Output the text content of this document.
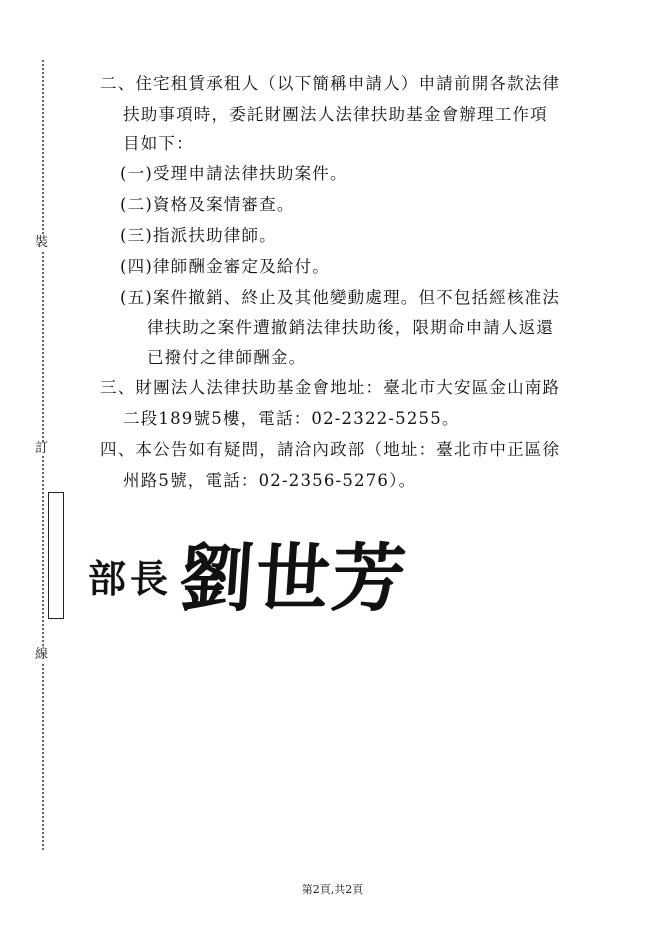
裝
訂
線
二、住宅租賃承租人（以下簡稱申請人）申請前開各款法律
扶助事項時，委託財團法人法律扶助基金會辦理工作項
目如下：
(一)受理申請法律扶助案件。
(二)資格及案情審查。
(三)指派扶助律師。
(四)律師酬金審定及給付。
(五)案件撤銷、終止及其他變動處理。但不包括經核准法
律扶助之案件遭撤銷法律扶助後，限期命申請人返還
已撥付之律師酬金。
三、財團法人法律扶助基金會地址：臺北市大安區金山南路
二段189號5樓，電話：02-2322-5255。
四、本公告如有疑問，請洽內政部（地址：臺北市中正區徐
州路5號，電話：02-2356-5276）。
部長 劉世芳
第2頁,共2頁
